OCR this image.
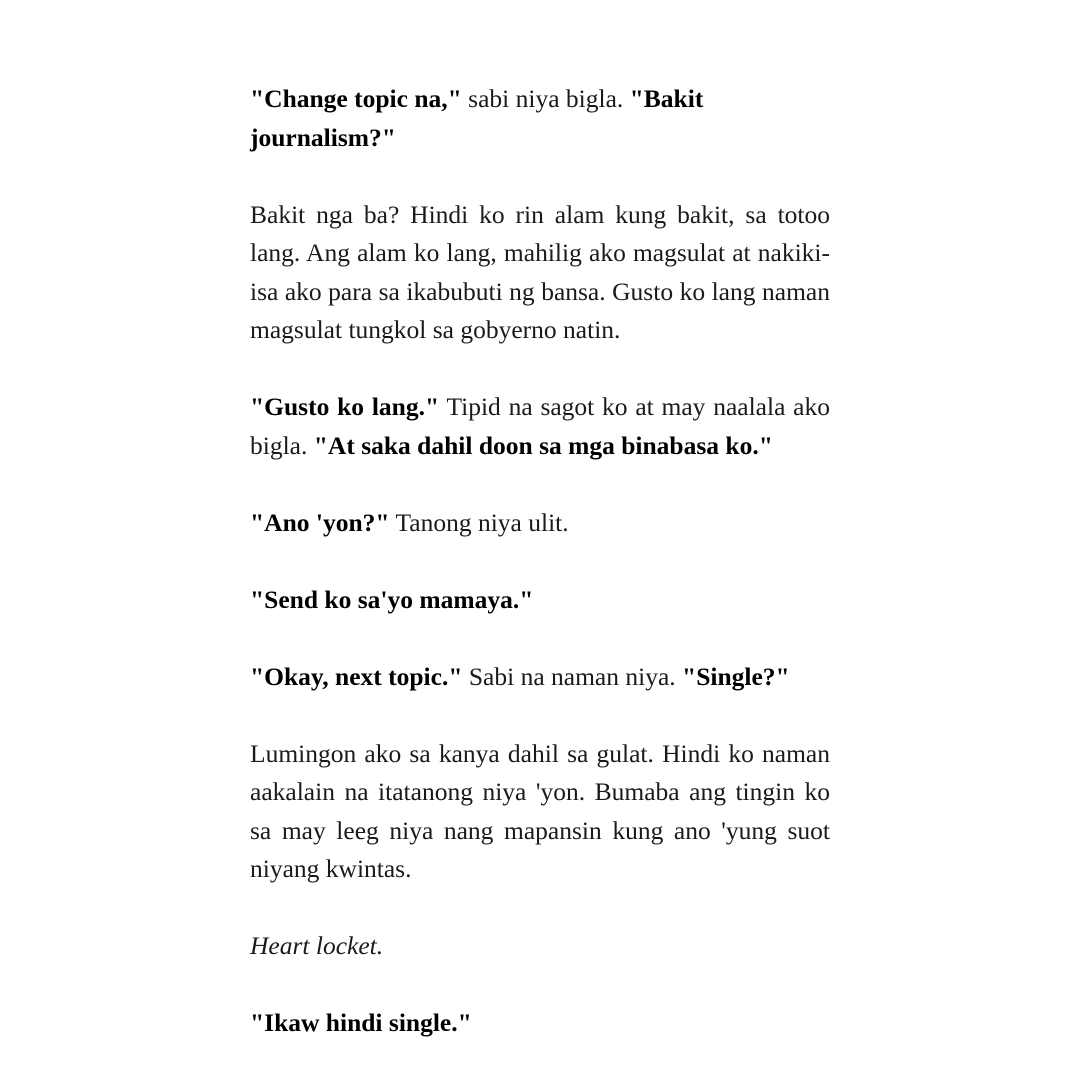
"Change topic na," sabi niya bigla. "Bakit journalism?"

Bakit nga ba? Hindi ko rin alam kung bakit, sa totoo lang. Ang alam ko lang, mahilig ako magsulat at nakiki-isa ako para sa ikabubuti ng bansa. Gusto ko lang naman magsulat tungkol sa gobyerno natin.

"Gusto ko lang." Tipid na sagot ko at may naalala ako bigla. "At saka dahil doon sa mga binabasa ko."

"Ano 'yon?" Tanong niya ulit.

"Send ko sa'yo mamaya."

"Okay, next topic." Sabi na naman niya. "Single?"

Lumingon ako sa kanya dahil sa gulat. Hindi ko naman aakalain na itatanong niya 'yon. Bumaba ang tingin ko sa may leeg niya nang mapansin kung ano 'yung suot niyang kwintas.

Heart locket.

"Ikaw hindi single."
